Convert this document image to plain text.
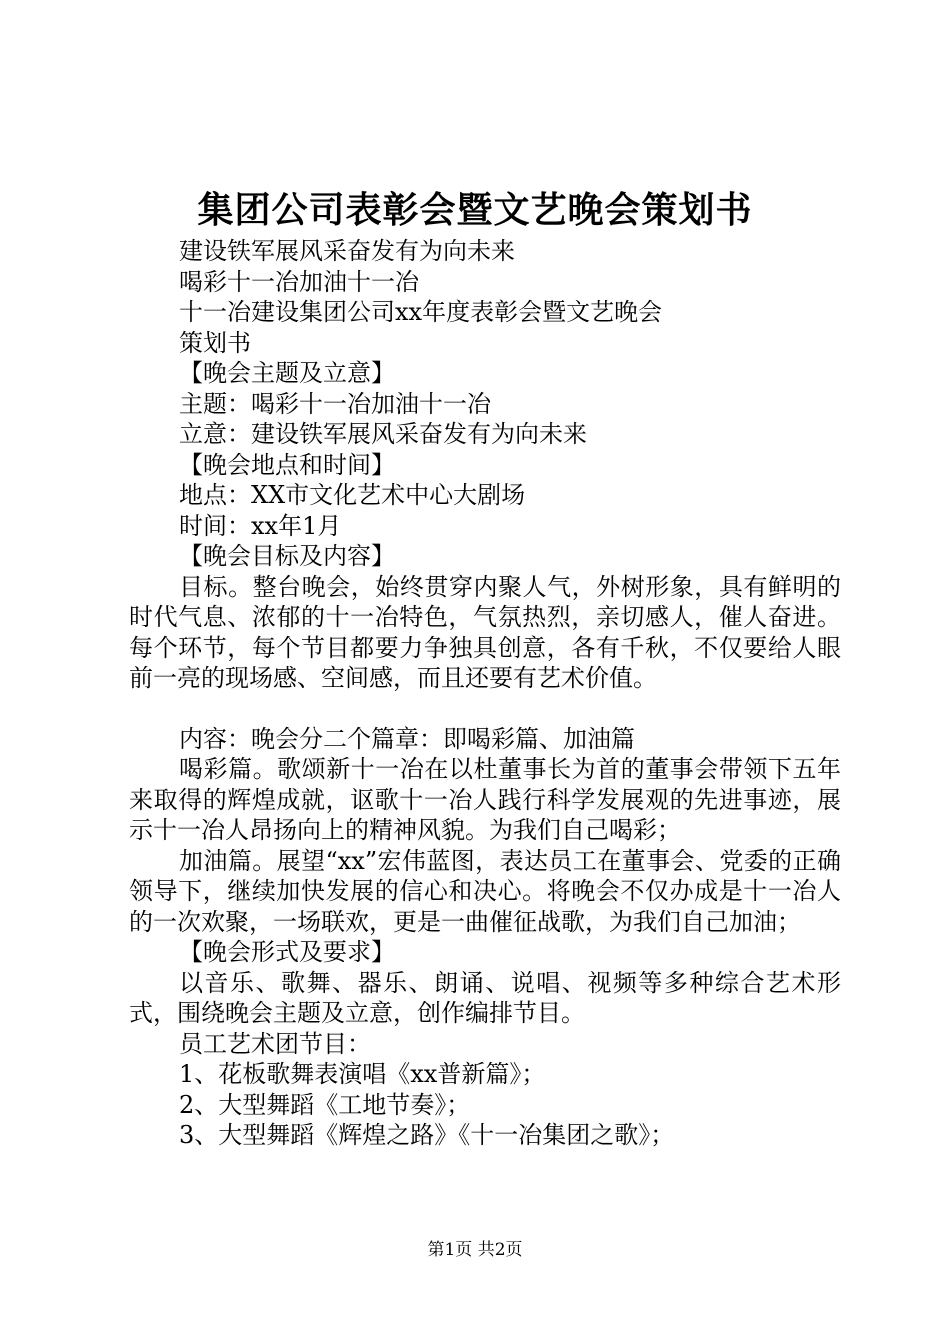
集团公司表彰会暨文艺晚会策划书

建设铁军展风采奋发有为向未来

喝彩十一冶加油十一冶

十一冶建设集团公司xx年度表彰会暨文艺晚会

策划书

【晚会主题及立意】

主题：喝彩十一冶加油十一冶

立意：建设铁军展风采奋发有为向未来

【晚会地点和时间】

地点：XX市文化艺术中心大剧场

时间：xx年1月

【晚会目标及内容】

目标。整台晚会，始终贯穿内聚人气，外树形象，具有鲜明的时代气息、浓郁的十一冶特色，气氛热烈，亲切感人，催人奋进。每个环节，每个节目都要力争独具创意，各有千秋，不仅要给人眼前一亮的现场感、空间感，而且还要有艺术价值。

内容：晚会分二个篇章：即喝彩篇、加油篇

喝彩篇。歌颂新十一冶在以杜董事长为首的董事会带领下五年来取得的辉煌成就，讴歌十一冶人践行科学发展观的先进事迹，展示十一冶人昂扬向上的精神风貌。为我们自己喝彩；

加油篇。展望“xx”宏伟蓝图，表达员工在董事会、党委的正确领导下，继续加快发展的信心和决心。将晚会不仅办成是十一冶人的一次欢聚，一场联欢，更是一曲催征战歌，为我们自己加油；

【晚会形式及要求】

以音乐、歌舞、器乐、朗诵、说唱、视频等多种综合艺术形式，围绕晚会主题及立意，创作编排节目。

员工艺术团节目：

1、花板歌舞表演唱《xx普新篇》；

2、大型舞蹈《工地节奏》；

3、大型舞蹈《辉煌之路》《十一冶集团之歌》；

第1页 共2页
